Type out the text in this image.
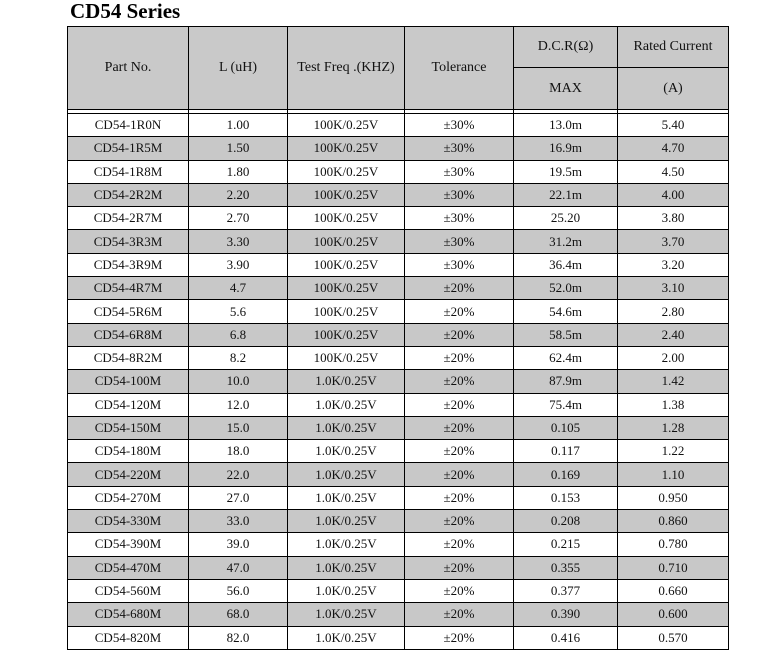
CD54 Series
Part No.	L (uH)	Test Freq .(KHZ)	Tolerance	D.C.R(Ω)	Rated Current
				MAX	(A)

CD54-1R0N	1.00	100K/0.25V	±30%	13.0m	5.40
CD54-1R5M	1.50	100K/0.25V	±30%	16.9m	4.70
CD54-1R8M	1.80	100K/0.25V	±30%	19.5m	4.50
CD54-2R2M	2.20	100K/0.25V	±30%	22.1m	4.00
CD54-2R7M	2.70	100K/0.25V	±30%	25.20	3.80
CD54-3R3M	3.30	100K/0.25V	±30%	31.2m	3.70
CD54-3R9M	3.90	100K/0.25V	±30%	36.4m	3.20
CD54-4R7M	4.7	100K/0.25V	±20%	52.0m	3.10
CD54-5R6M	5.6	100K/0.25V	±20%	54.6m	2.80
CD54-6R8M	6.8	100K/0.25V	±20%	58.5m	2.40
CD54-8R2M	8.2	100K/0.25V	±20%	62.4m	2.00
CD54-100M	10.0	1.0K/0.25V	±20%	87.9m	1.42
CD54-120M	12.0	1.0K/0.25V	±20%	75.4m	1.38
CD54-150M	15.0	1.0K/0.25V	±20%	0.105	1.28
CD54-180M	18.0	1.0K/0.25V	±20%	0.117	1.22
CD54-220M	22.0	1.0K/0.25V	±20%	0.169	1.10
CD54-270M	27.0	1.0K/0.25V	±20%	0.153	0.950
CD54-330M	33.0	1.0K/0.25V	±20%	0.208	0.860
CD54-390M	39.0	1.0K/0.25V	±20%	0.215	0.780
CD54-470M	47.0	1.0K/0.25V	±20%	0.355	0.710
CD54-560M	56.0	1.0K/0.25V	±20%	0.377	0.660
CD54-680M	68.0	1.0K/0.25V	±20%	0.390	0.600
CD54-820M	82.0	1.0K/0.25V	±20%	0.416	0.570
